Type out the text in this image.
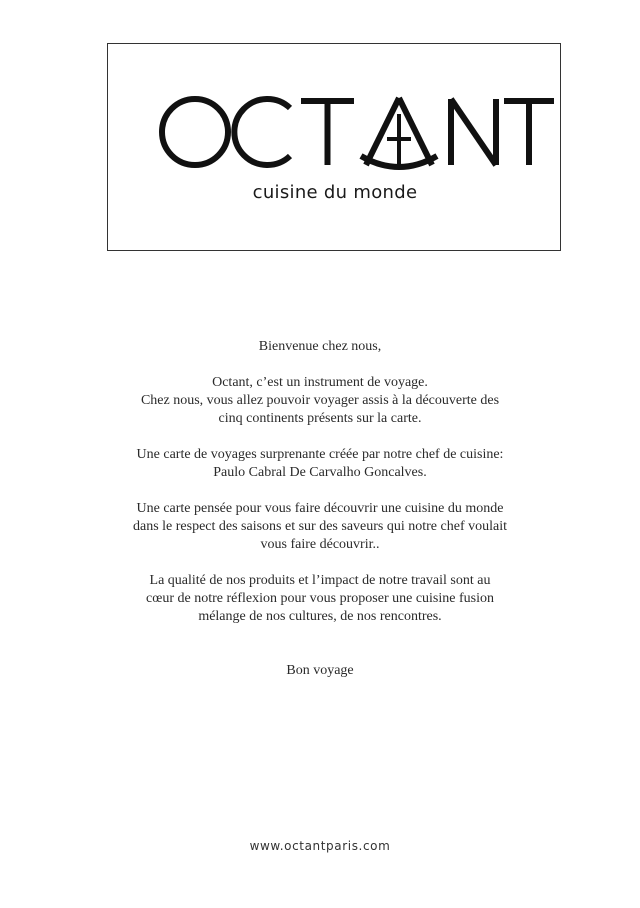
cuisine du monde

Bienvenue chez nous,

Octant, c’est un instrument de voyage.

Chez nous, vous allez pouvoir voyager assis à la découverte des

cinq continents présents sur la carte.

Une carte de voyages surprenante créée par notre chef de cuisine:

Paulo Cabral De Carvalho Goncalves.

Une carte pensée pour vous faire découvrir une cuisine du monde

dans le respect des saisons et sur des saveurs qui notre chef voulait

vous faire découvrir..

La qualité de nos produits et l’impact de notre travail sont au

cœur de notre réflexion pour vous proposer une cuisine fusion

mélange de nos cultures, de nos rencontres.

Bon voyage

www.octantparis.com
